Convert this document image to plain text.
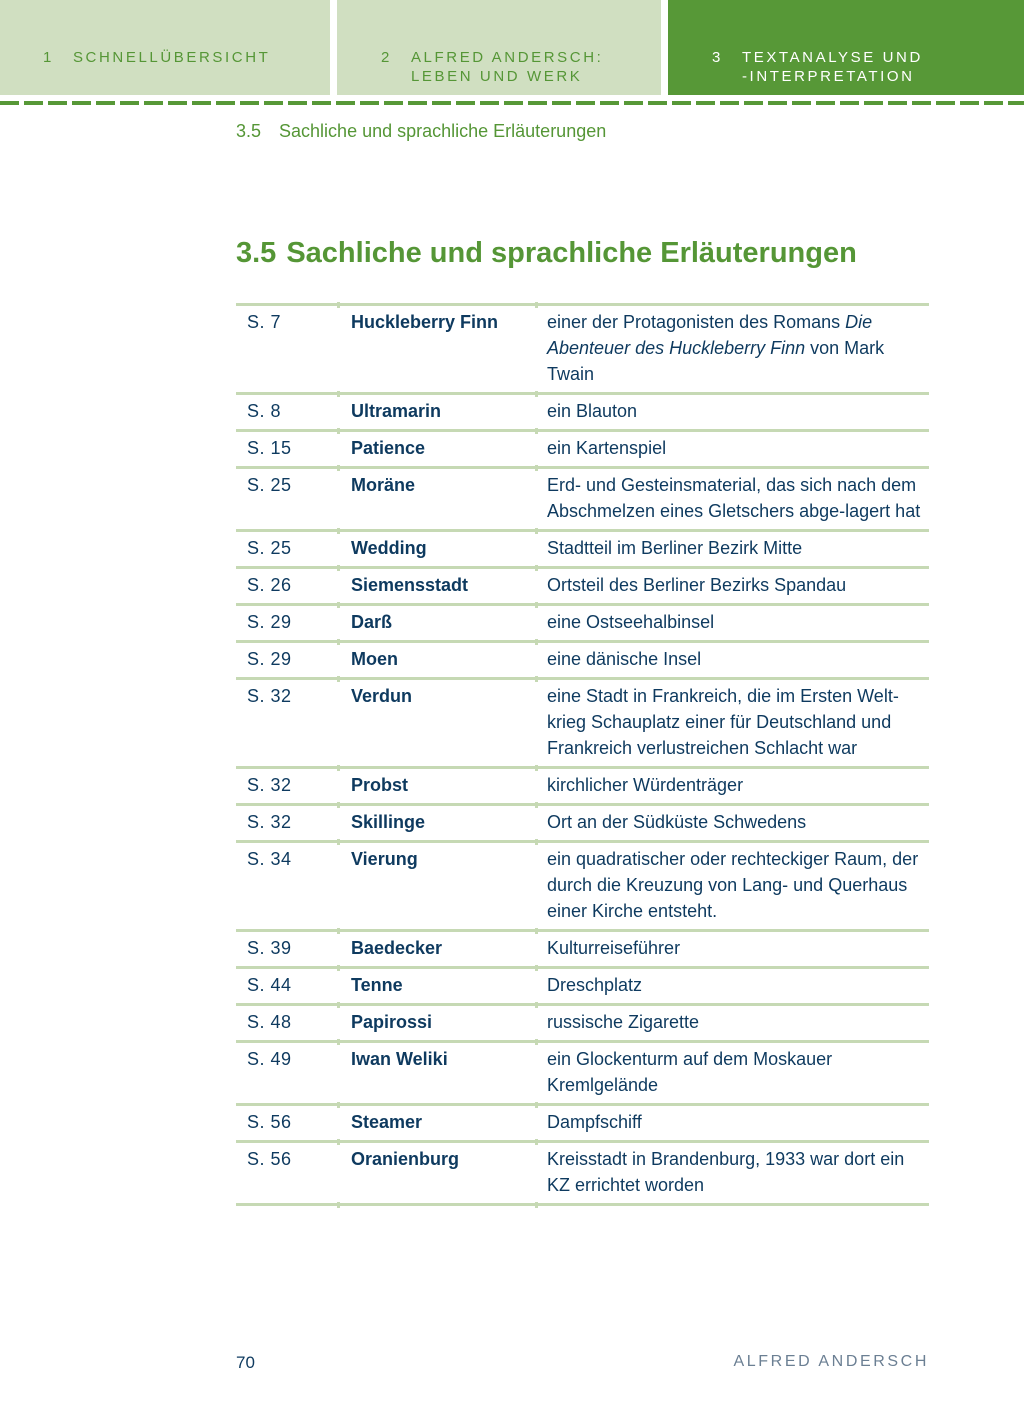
1 SCHNELLÜBERSICHT	2 ALFRED ANDERSCH:
LEBEN UND WERK
3 TEXTANALYSE UND
-INTERPRETATION
3.5 Sachliche und sprachliche Erläuterungen
3.5 Sachliche und sprachliche Erläuterungen
S. 7	Huckleberry Finn	einer der Protagonisten des Romans Die Abenteuer des Huckleberry Finn von Mark Twain
S. 8	Ultramarin	ein Blauton
S. 15	Patience	ein Kartenspiel
S. 25	Moräne	Erd- und Gesteinsmaterial, das sich nach dem Abschmelzen eines Gletschers abge-lagert hat
S. 25	Wedding	Stadtteil im Berliner Bezirk Mitte
S. 26	Siemensstadt	Ortsteil des Berliner Bezirks Spandau
S. 29	Darß	eine Ostseehalbinsel
S. 29	Moen	eine dänische Insel
S. 32	Verdun	eine Stadt in Frankreich, die im Ersten Welt-krieg Schauplatz einer für Deutschland und Frankreich verlustreichen Schlacht war
S. 32	Probst	kirchlicher Würdenträger
S. 32	Skillinge	Ort an der Südküste Schwedens
S. 34	Vierung	ein quadratischer oder rechteckiger Raum, der durch die Kreuzung von Lang- und Querhaus einer Kirche entsteht.
S. 39	Baedecker	Kulturreiseführer
S. 44	Tenne	Dreschplatz
S. 48	Papirossi	russische Zigarette
S. 49	Iwan Weliki	ein Glockenturm auf dem Moskauer Kremlgelände
S. 56	Steamer	Dampfschiff
S. 56	Oranienburg	Kreisstadt in Brandenburg, 1933 war dort ein KZ errichtet worden
70	ALFRED ANDERSCH
